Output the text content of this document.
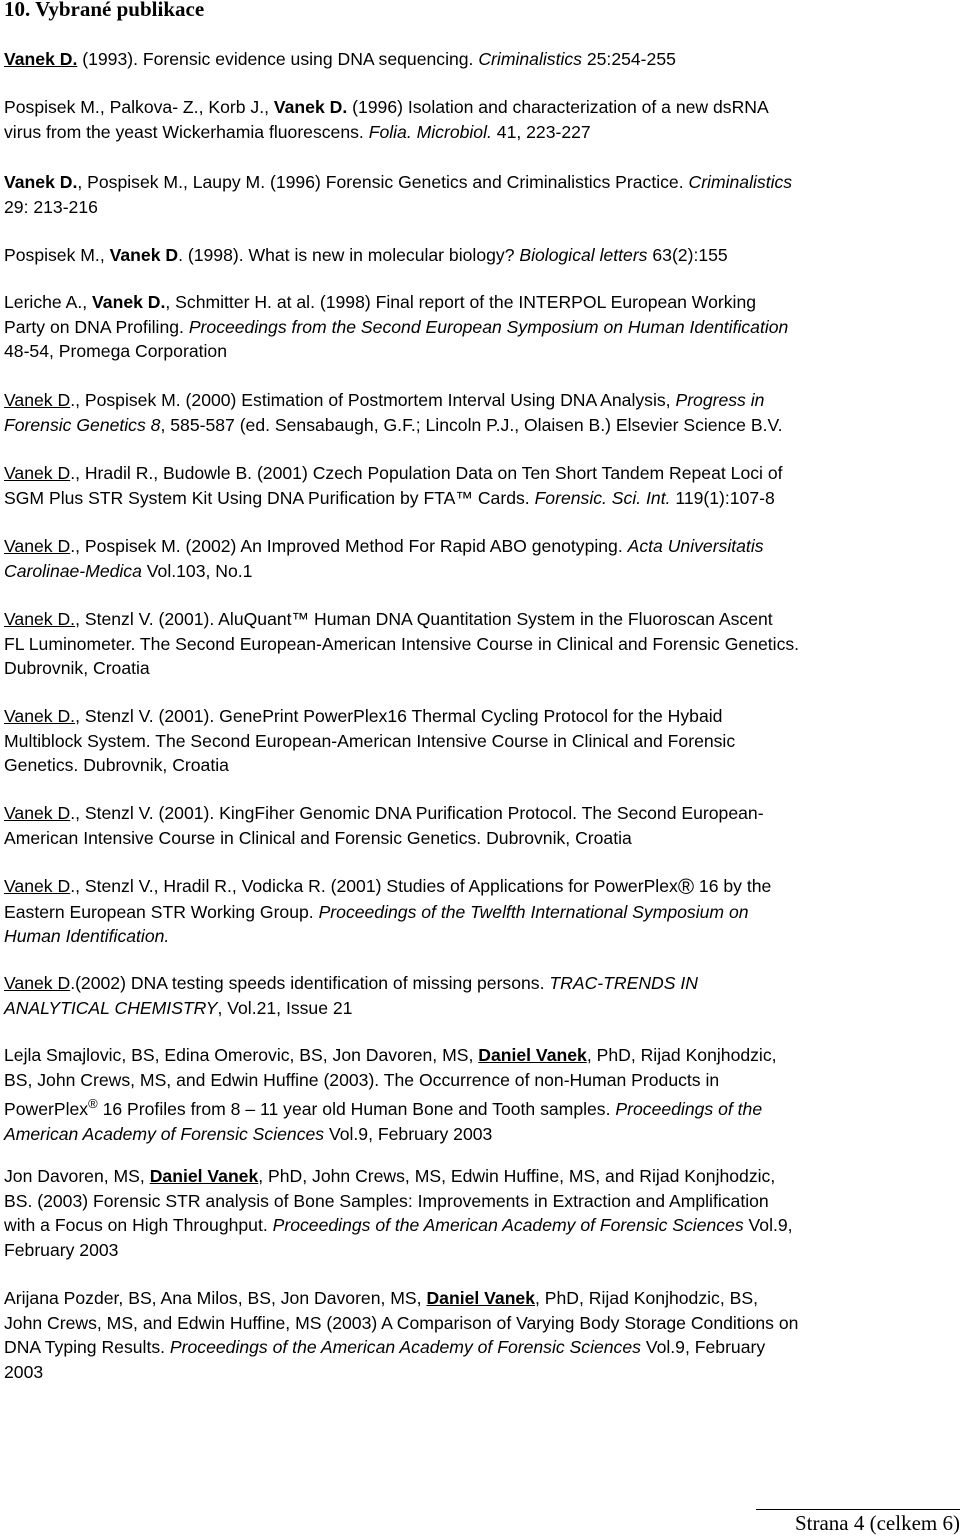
10. Vybrané publikace

Vanek D. (1993). Forensic evidence using DNA sequencing. Criminalistics 25:254-255

Pospisek M., Palkova- Z., Korb J., Vanek D. (1996) Isolation and characterization of a new dsRNA
virus from the yeast Wickerhamia fluorescens. Folia. Microbiol. 41, 223-227

Vanek D., Pospisek M., Laupy M. (1996) Forensic Genetics and Criminalistics Practice. Criminalistics
29: 213-216

Pospisek M., Vanek D. (1998). What is new in molecular biology? Biological letters 63(2):155

Leriche A., Vanek D., Schmitter H. at al. (1998) Final report of the INTERPOL European Working
Party on DNA Profiling. Proceedings from the Second European Symposium on Human Identification
48-54, Promega Corporation

Vanek D., Pospisek M. (2000) Estimation of Postmortem Interval Using DNA Analysis, Progress in
Forensic Genetics 8, 585-587 (ed. Sensabaugh, G.F.; Lincoln P.J., Olaisen B.) Elsevier Science B.V.

Vanek D., Hradil R., Budowle B. (2001) Czech Population Data on Ten Short Tandem Repeat Loci of
SGM Plus STR System Kit Using DNA Purification by FTA™ Cards. Forensic. Sci. Int. 119(1):107-8

Vanek D., Pospisek M. (2002) An Improved Method For Rapid ABO genotyping. Acta Universitatis
Carolinae-Medica Vol.103, No.1

Vanek D., Stenzl V. (2001). AluQuant™ Human DNA Quantitation System in the Fluoroscan Ascent
FL Luminometer. The Second European-American Intensive Course in Clinical and Forensic Genetics.
Dubrovnik, Croatia

Vanek D., Stenzl V. (2001). GenePrint PowerPlex16 Thermal Cycling Protocol for the Hybaid
Multiblock System. The Second European-American Intensive Course in Clinical and Forensic
Genetics. Dubrovnik, Croatia

Vanek D., Stenzl V. (2001). KingFiher Genomic DNA Purification Protocol. The Second European-
American Intensive Course in Clinical and Forensic Genetics. Dubrovnik, Croatia

Vanek D., Stenzl V., Hradil R., Vodicka R. (2001) Studies of Applications for PowerPlex® 16 by the
Eastern European STR Working Group. Proceedings of the Twelfth International Symposium on
Human Identification.

Vanek D.(2002) DNA testing speeds identification of missing persons. TRAC-TRENDS IN
ANALYTICAL CHEMISTRY, Vol.21, Issue 21

Lejla Smajlovic, BS, Edina Omerovic, BS, Jon Davoren, MS, Daniel Vanek, PhD, Rijad Konjhodzic,
BS, John Crews, MS, and Edwin Huffine (2003). The Occurrence of non-Human Products in
PowerPlex® 16 Profiles from 8 – 11 year old Human Bone and Tooth samples. Proceedings of the
American Academy of Forensic Sciences Vol.9, February 2003

Jon Davoren, MS, Daniel Vanek, PhD, John Crews, MS, Edwin Huffine, MS, and Rijad Konjhodzic,
BS. (2003) Forensic STR analysis of Bone Samples: Improvements in Extraction and Amplification
with a Focus on High Throughput. Proceedings of the American Academy of Forensic Sciences Vol.9,
February 2003

Arijana Pozder, BS, Ana Milos, BS, Jon Davoren, MS, Daniel Vanek, PhD, Rijad Konjhodzic, BS,
John Crews, MS, and Edwin Huffine, MS (2003) A Comparison of Varying Body Storage Conditions on
DNA Typing Results. Proceedings of the American Academy of Forensic Sciences Vol.9, February
2003

Strana 4 (celkem 6)
